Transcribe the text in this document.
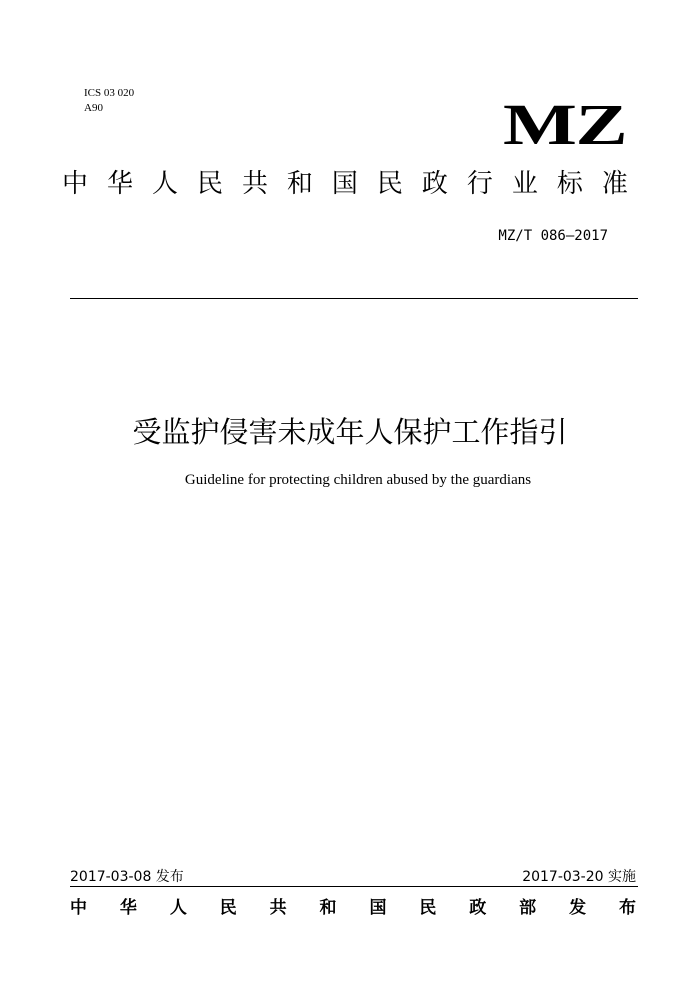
ICS 03 020
A90	MZ
中 华 人 民 共 和 国 民 政 行 业 标 准
MZ/T 086—2017
受监护侵害未成年人保护工作指引
Guideline for protecting children abused by the guardians
2017-03-08 发布	2017-03-20 实施
中 华 人 民 共 和 国 民 政 部 发 布
